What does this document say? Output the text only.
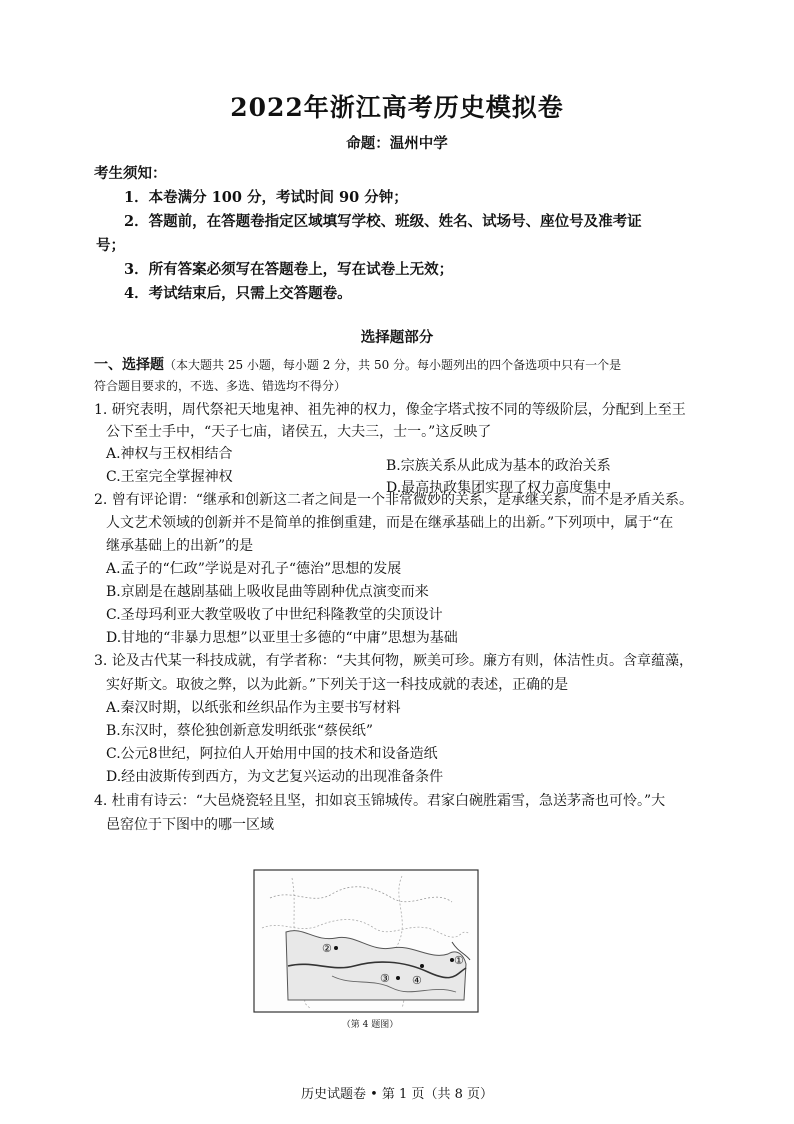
2022年浙江高考历史模拟卷
命题：温州中学
考生须知：
1．本卷满分 100 分，考试时间 90 分钟；
2．答题前，在答题卷指定区域填写学校、班级、姓名、试场号、座位号及准考证
号；
3．所有答案必须写在答题卷上，写在试卷上无效；
4．考试结束后，只需上交答题卷。
选择题部分
一、选择题（本大题共 25 小题，每小题 2 分，共 50 分。每小题列出的四个备选项中只有一个是
符合题目要求的，不选、多选、错选均不得分）
1. 研究表明，周代祭祀天地鬼神、祖先神的权力，像金字塔式按不同的等级阶层，分配到上至王
公下至士手中，“天子七庙，诸侯五，大夫三，士一。”这反映了
A.神权与王权相结合
B.宗族关系从此成为基本的政治关系
C.王室完全掌握神权
D.最高执政集团实现了权力高度集中
2. 曾有评论谓：“继承和创新这二者之间是一个非常微妙的关系，是承继关系，而不是矛盾关系。
人文艺术领域的创新并不是简单的推倒重建，而是在继承基础上的出新。”下列项中，属于“在
继承基础上的出新”的是
A.孟子的“仁政”学说是对孔子“德治”思想的发展
B.京剧是在越剧基础上吸收昆曲等剧种优点演变而来
C.圣母玛利亚大教堂吸收了中世纪科隆教堂的尖顶设计
D.甘地的“非暴力思想”以亚里士多德的“中庸”思想为基础
3. 论及古代某一科技成就，有学者称：“夫其何物，厥美可珍。廉方有则，体洁性贞。含章蕴藻，
实好斯文。取彼之弊，以为此新。”下列关于这一科技成就的表述，正确的是
A.秦汉时期，以纸张和丝织品作为主要书写材料
B.东汉时，蔡伦独创新意发明纸张“蔡侯纸”
C.公元8世纪，阿拉伯人开始用中国的技术和设备造纸
D.经由波斯传到西方，为文艺复兴运动的出现准备条件
4. 杜甫有诗云：“大邑烧瓷轻且坚，扣如哀玉锦城传。君家白碗胜霜雪，急送茅斋也可怜。”大
邑窑位于下图中的哪一区域
②
③ ④
①
（第 4 题图）
历史试题卷 • 第 1 页（共 8 页）
